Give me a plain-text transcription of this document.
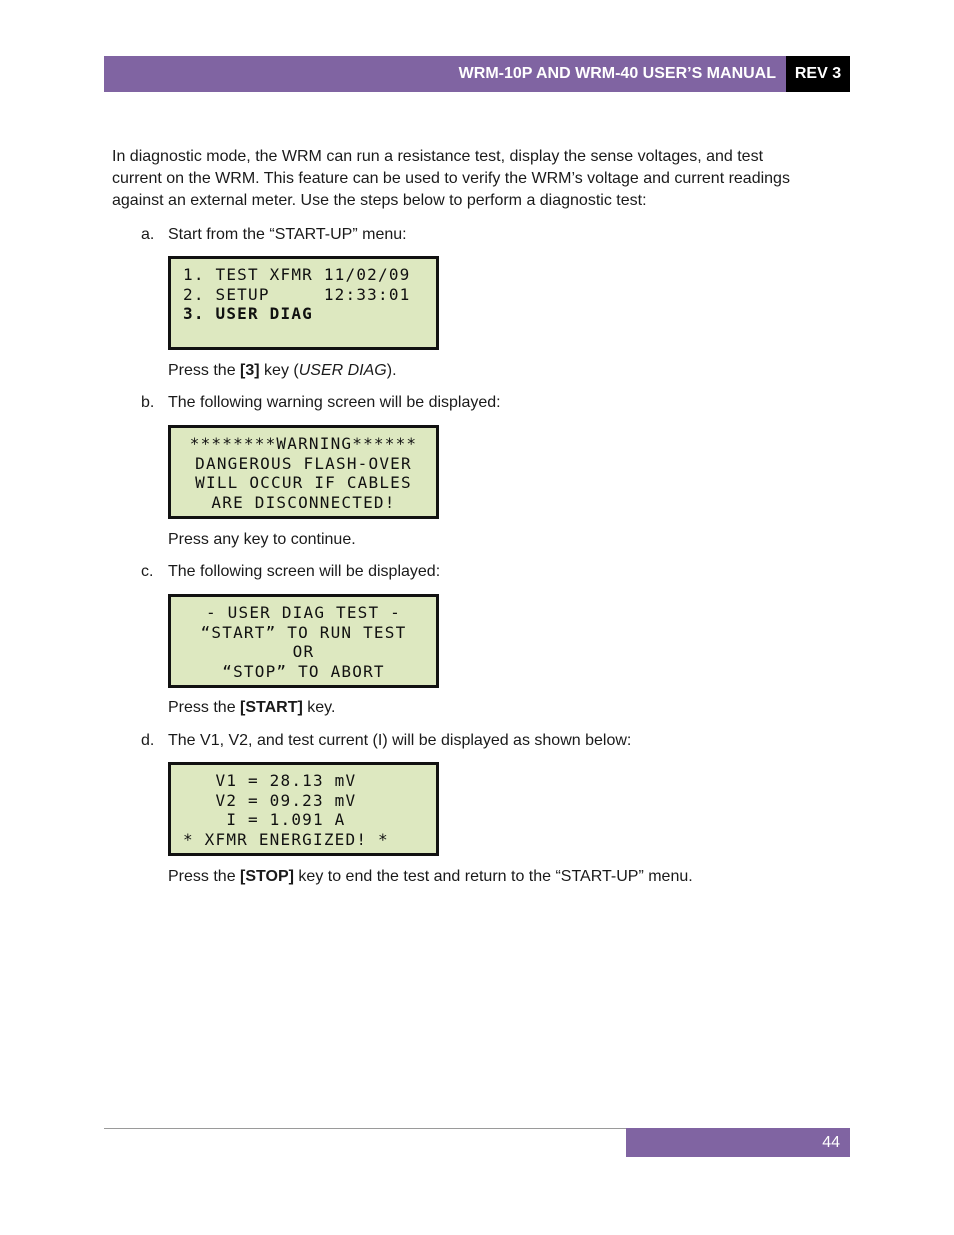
WRM-10P AND WRM-40 USER’S MANUAL REV 3

In diagnostic mode, the WRM can run a resistance test, display the sense voltages, and test current on the WRM. This feature can be used to verify the WRM’s voltage and current readings against an external meter. Use the steps below to perform a diagnostic test:

a. Start from the “START-UP” menu:
1. TEST XFMR 11/02/09
2. SETUP     12:33:01
3. USER DIAG
Press the [3] key (USER DIAG).
b. The following warning screen will be displayed:
********WARNING******
DANGEROUS FLASH-OVER
WILL OCCUR IF CABLES
ARE DISCONNECTED!
Press any key to continue.
c. The following screen will be displayed:
- USER DIAG TEST -
“START” TO RUN TEST
OR
“STOP” TO ABORT
Press the [START] key.
d. The V1, V2, and test current (I) will be displayed as shown below:
V1 = 28.13 mV
V2 = 09.23 mV
I = 1.091 A
* XFMR ENERGIZED! *
Press the [STOP] key to end the test and return to the “START-UP” menu.
44
